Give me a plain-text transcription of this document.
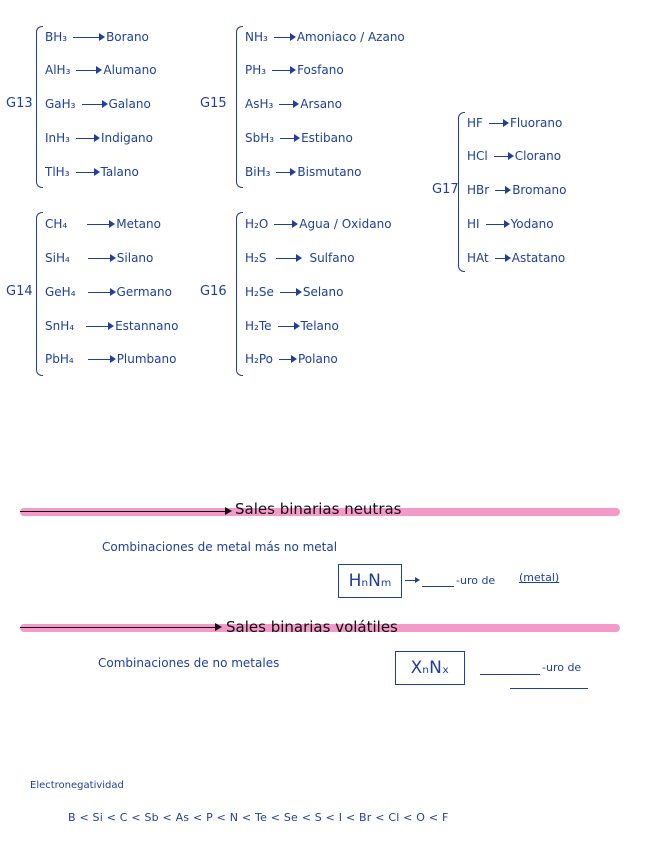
G13
BH₃	Borano
AlH₃	Alumano
GaH₃	Galano
InH₃	Indigano
TlH₃	Talano
G15
NH₃ Amoniaco / Azano
PH₃	Fosfano
AsH₃ Arsano
SbH₃ Estibano
BiH₃ Bismutano
G17
HF Fluorano
HCl Clorano
HBr Bromano
HI	Yodano
HAt Astatano
G14
CH₄	Metano
SiH₄	Silano
GeH₄	Germano
SnH₄	Estannano
PbH₄	Plumbano
G16
H₂O	Agua / Oxidano
H₂S	Sulfano
H₂Se Selano
H₂Te Telano
H₂Po Polano
Sales binarias neutras
Combinaciones de metal más no metal
HₙNₘ	-uro de (metal)
Sales binarias volátiles
Combinaciones de no metales	XₙNₓ	-uro de
Electronegatividad
B < Si < C < Sb < As < P < N < Te < Se < S < I < Br < Cl < O < F
